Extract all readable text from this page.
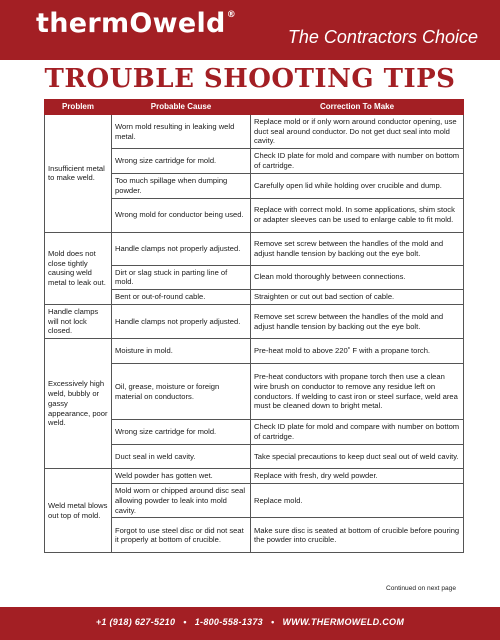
thermOweld®
The Contractors Choice
TROUBLE SHOOTING TIPS
Problem	Probable Cause	Correction To Make
Insufficient metal to make weld.	Worn mold resulting in leaking weld metal.	Replace mold or if only worn around conductor opening, use duct seal around conductor. Do not get duct seal into mold cavity.
	Wrong size cartridge for mold.	Check ID plate for mold and compare with number on bottom of cartridge.
	Too much spillage when dumping powder.	Carefully open lid while holding over crucible and dump.
	Wrong mold for conductor being used.	Replace with correct mold. In some applications, shim stock or adapter sleeves can be used to enlarge cable to fit mold.
Mold does not close tightly causing weld metal to leak out.	Handle clamps not properly adjusted.	Remove set screw between the handles of the mold and adjust handle tension by backing out the eye bolt.
	Dirt or slag stuck in parting line of mold.	Clean mold thoroughly between connections.
	Bent or out-of-round cable.	Straighten or cut out bad section of cable.
Handle clamps will not lock closed.	Handle clamps not properly adjusted.	Remove set screw between the handles of the mold and adjust handle tension by backing out the eye bolt.
Excessively high weld, bubbly or gassy appearance, poor weld.	Moisture in mold.	Pre-heat mold to above 220˚ F with a propane torch.
	Oil, grease, moisture or foreign material on conductors.	Pre-heat conductors with propane torch then use a clean wire brush on conductor to remove any residue left on conductors. If welding to cast iron or steel surface, weld area must be cleaned down to bright metal.
	Wrong size cartridge for mold.	Check ID plate for mold and compare with number on bottom of cartridge.
	Duct seal in weld cavity.	Take special precautions to keep duct seal out of weld cavity.
Weld metal blows out top of mold.	Weld powder has gotten wet.	Replace with fresh, dry weld powder.
	Mold worn or chipped around disc seal allowing powder to leak into mold cavity.	Replace mold.
	Forgot to use steel disc or did not seat it properly at bottom of crucible.	Make sure disc is seated at bottom of crucible before pouring the powder into crucible.
Continued on next page
+1 (918) 627-5210 • 1-800-558-1373 • WWW.THERMOWELD.COM
